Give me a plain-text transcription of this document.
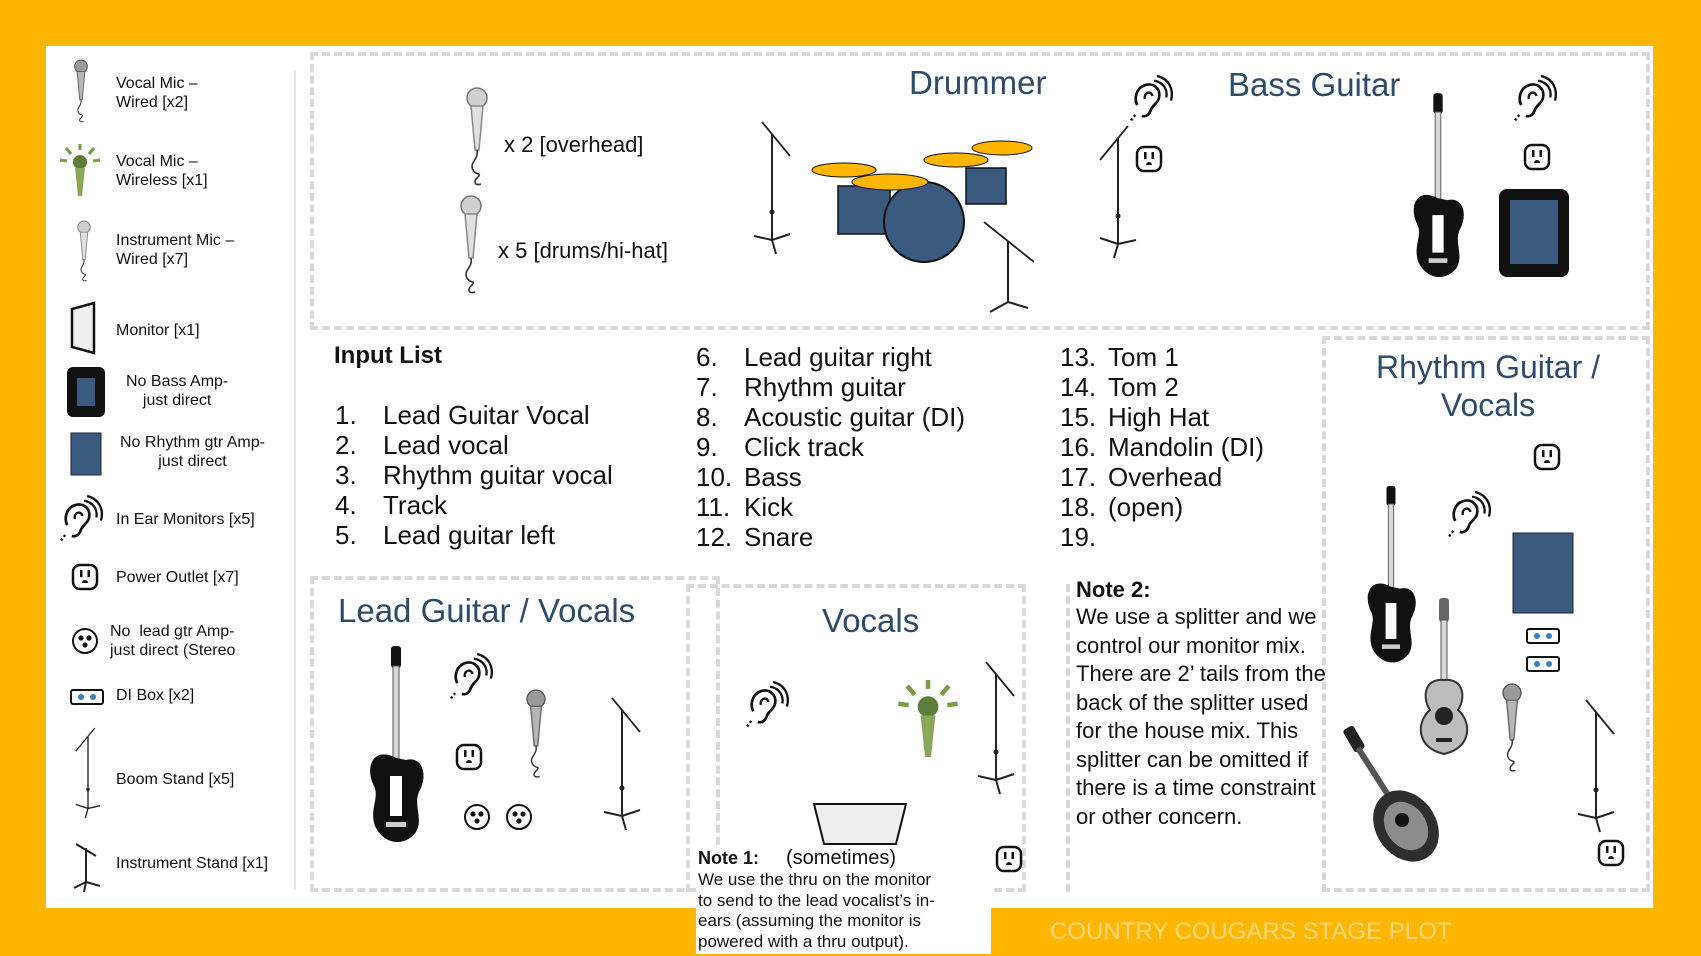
Vocal Mic –
Wired [x2]
Vocal Mic –
Wireless [x1]
Instrument Mic –
Wired [x7]
Monitor [x1]
No Bass Amp-
just direct
No Rhythm gtr Amp-
just direct
In Ear Monitors [x5]
Power Outlet [x7]
No  lead gtr Amp-
just direct (Stereo
DI Box [x2]
Boom Stand [x5]
Instrument Stand [x1]
Drummer
x 2 [overhead]
x 5 [drums/hi-hat]
Bass Guitar
Input List
1. Lead Guitar Vocal
2. Lead vocal
3. Rhythm guitar vocal
4. Track
5. Lead guitar left
6. Lead guitar right
7. Rhythm guitar
8. Acoustic guitar (DI)
9. Click track
10. Bass
11. Kick
12. Snare
13. Tom 1
14. Tom 2
15. High Hat
16. Mandolin (DI)
17. Overhead
18. (open)
19.
Rhythm Guitar /
Vocals
Lead Guitar / Vocals	Vocals
Note 2:
We use a splitter and we
control our monitor mix.
There are 2’ tails from the
back of the splitter used
for the house mix. This
splitter can be omitted if
there is a time constraint
or other concern.
Note 1: (sometimes)
We use the thru on the monitor
to send to the lead vocalist’s in-
ears (assuming the monitor is
powered with a thru output).	COUNTRY COUGARS STAGE PLOT
